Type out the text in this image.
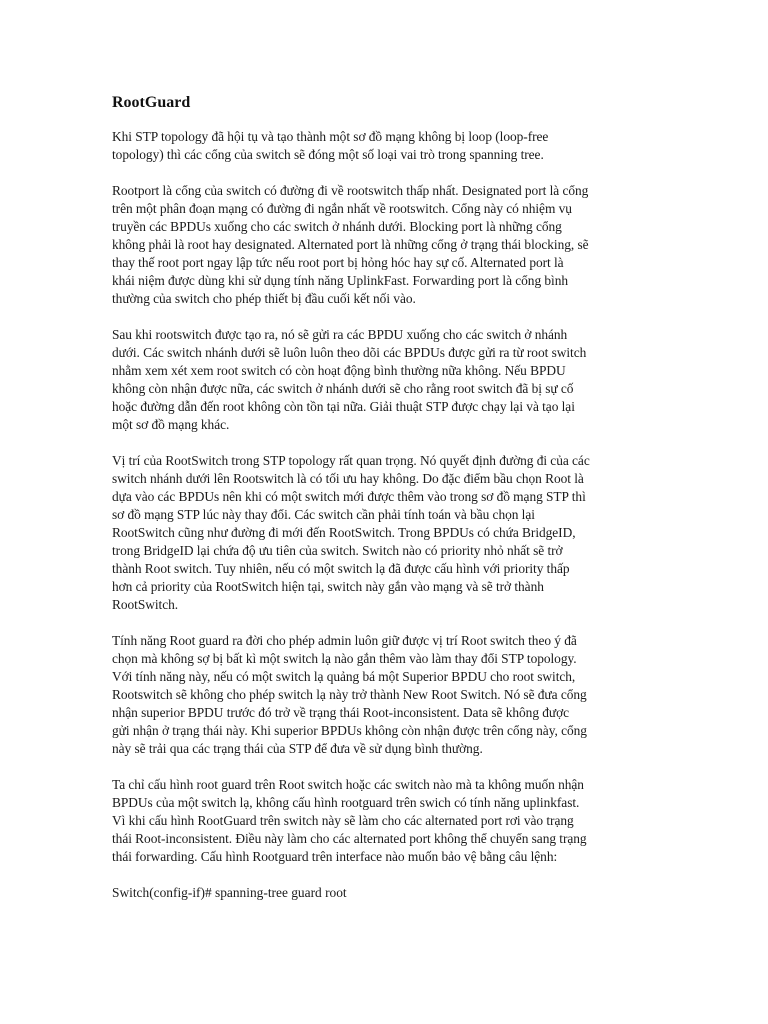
RootGuard

Khi STP topology đã hội tụ và tạo thành một sơ đồ mạng không bị loop (loop-free
topology) thì các cổng của switch sẽ đóng một số loại vai trò trong spanning tree.

Rootport là cổng của switch có đường đi về rootswitch thấp nhất. Designated port là cổng
trên một phân đoạn mạng có đường đi ngắn nhất về rootswitch. Cổng này có nhiệm vụ
truyền các BPDUs xuống cho các switch ở nhánh dưới. Blocking port là những cổng
không phải là root hay designated. Alternated port là những cổng ở trạng thái blocking, sẽ
thay thế root port ngay lập tức nếu root port bị hỏng hóc hay sự cố. Alternated port là
khái niệm được dùng khi sử dụng tính năng UplinkFast. Forwarding port là cổng bình
thường của switch cho phép thiết bị đầu cuối kết nối vào.

Sau khi rootswitch được tạo ra, nó sẽ gửi ra các BPDU xuống cho các switch ở nhánh
dưới. Các switch nhánh dưới sẽ luôn luôn theo dõi các BPDUs được gửi ra từ root switch
nhằm xem xét xem root switch có còn hoạt động bình thường nữa không. Nếu BPDU
không còn nhận được nữa, các switch ở nhánh dưới sẽ cho rằng root switch đã bị sự cố
hoặc đường dẫn đến root không còn tồn tại nữa. Giải thuật STP được chạy lại và tạo lại
một sơ đồ mạng khác.

Vị trí của RootSwitch trong STP topology rất quan trọng. Nó quyết định đường đi của các
switch nhánh dưới lên Rootswitch là có tối ưu hay không. Do đặc điểm bầu chọn Root là
dựa vào các BPDUs nên khi có một switch mới được thêm vào trong sơ đồ mạng STP thì
sơ đồ mạng STP lúc này thay đổi. Các switch cần phải tính toán và bầu chọn lại
RootSwitch cũng như đường đi mới đến RootSwitch. Trong BPDUs có chứa BridgeID,
trong BridgeID lại chứa độ ưu tiên của switch. Switch nào có priority nhỏ nhất sẽ trở
thành Root switch. Tuy nhiên, nếu có một switch lạ đã được cấu hình với priority thấp
hơn cả priority của RootSwitch hiện tại, switch này gắn vào mạng và sẽ trở thành
RootSwitch.

Tính năng Root guard ra đời cho phép admin luôn giữ được vị trí Root switch theo ý đã
chọn mà không sợ bị bất kì một switch lạ nào gắn thêm vào làm thay đổi STP topology.
Với tính năng này, nếu có một switch lạ quảng bá một Superior BPDU cho root switch,
Rootswitch sẽ không cho phép switch lạ này trở thành New Root Switch. Nó sẽ đưa cổng
nhận superior BPDU trước đó trở về trạng thái Root-inconsistent. Data sẽ không được
gửi nhận ở trạng thái này. Khi superior BPDUs không còn nhận được trên cổng này, cổng
này sẽ trải qua các trạng thái của STP để đưa về sử dụng bình thường.

Ta chỉ cấu hình root guard trên Root switch hoặc các switch nào mà ta không muốn nhận
BPDUs của một switch lạ, không cấu hình rootguard trên swich có tính năng uplinkfast.
Vì khi cấu hình RootGuard trên switch này sẽ làm cho các alternated port rơi vào trạng
thái Root-inconsistent. Điều này làm cho các alternated port không thể chuyển sang trạng
thái forwarding. Cấu hình Rootguard trên interface nào muốn bảo vệ bằng câu lệnh:

Switch(config-if)# spanning-tree guard root
